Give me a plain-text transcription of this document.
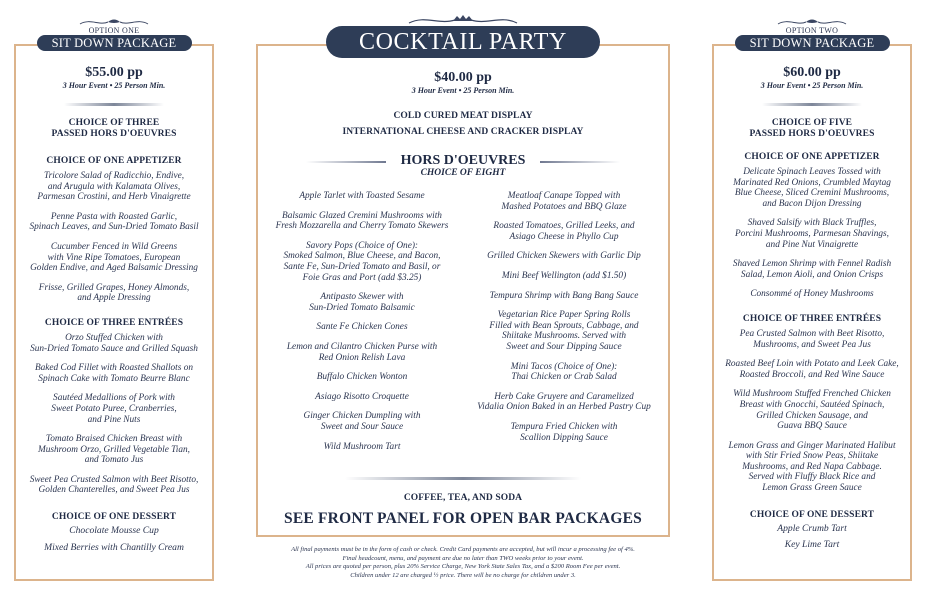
OPTION ONE
SIT DOWN PACKAGE
$55.00 pp
3 Hour Event • 25 Person Min.
CHOICE OF THREE
PASSED HORS D'OEUVRES
CHOICE OF ONE APPETIZER
Tricolore Salad of Radicchio, Endive,
and Arugula with Kalamata Olives,
Parmesan Crostini, and Herb Vinaigrette
Penne Pasta with Roasted Garlic,
Spinach Leaves, and Sun-Dried Tomato Basil
Cucumber Fenced in Wild Greens
with Vine Ripe Tomatoes, European
Golden Endive, and Aged Balsamic Dressing
Frisse, Grilled Grapes, Honey Almonds,
and Apple Dressing
CHOICE OF THREE ENTRÉES
Orzo Stuffed Chicken with
Sun-Dried Tomato Sauce and Grilled Squash
Baked Cod Fillet with Roasted Shallots on
Spinach Cake with Tomato Beurre Blanc
Sautéed Medallions of Pork with
Sweet Potato Puree, Cranberries,
and Pine Nuts
Tomato Braised Chicken Breast with
Mushroom Orzo, Grilled Vegetable Tian,
and Tomato Jus
Sweet Pea Crusted Salmon with Beet Risotto,
Golden Chanterelles, and Sweet Pea Jus
CHOICE OF ONE DESSERT
Chocolate Mousse Cup
Mixed Berries with Chantilly Cream
COCKTAIL PARTY
$40.00 pp
3 Hour Event • 25 Person Min.
COLD CURED MEAT DISPLAY
INTERNATIONAL CHEESE AND CRACKER DISPLAY
HORS D'OEUVRES
CHOICE OF EIGHT
Apple Tarlet with Toasted Sesame
Balsamic Glazed Cremini Mushrooms with
Fresh Mozzarella and Cherry Tomato Skewers
Savory Pops (Choice of One):
Smoked Salmon, Blue Cheese, and Bacon,
Sante Fe, Sun-Dried Tomato and Basil, or
Foie Gras and Port (add $3.25)
Antipasto Skewer with
Sun-Dried Tomato Balsamic
Sante Fe Chicken Cones
Lemon and Cilantro Chicken Purse with
Red Onion Relish Lava
Buffalo Chicken Wonton
Asiago Risotto Croquette
Ginger Chicken Dumpling with
Sweet and Sour Sauce
Wild Mushroom Tart
Meatloaf Canape Topped with
Mashed Potatoes and BBQ Glaze
Roasted Tomatoes, Grilled Leeks, and
Asiago Cheese in Phyllo Cup
Grilled Chicken Skewers with Garlic Dip
Mini Beef Wellington (add $1.50)
Tempura Shrimp with Bang Bang Sauce
Vegetarian Rice Paper Spring Rolls
Filled with Bean Sprouts, Cabbage, and
Shiitake Mushrooms. Served with
Sweet and Sour Dipping Sauce
Mini Tacos (Choice of One):
Thai Chicken or Crab Salad
Herb Cake Gruyere and Caramelized
Vidalia Onion Baked in an Herbed Pastry Cup
Tempura Fried Chicken with
Scallion Dipping Sauce
COFFEE, TEA, AND SODA
SEE FRONT PANEL FOR OPEN BAR PACKAGES
All final payments must be in the form of cash or check. Credit Card payments are accepted, but will incur a processing fee of 4%.
Final headcount, menu, and payment are due no later than TWO weeks prior to your event.
All prices are quoted per person, plus 20% Service Charge, New York State Sales Tax, and a $200 Room Fee per event.
Children under 12 are charged ½ price. There will be no charge for children under 3.
OPTION TWO
SIT DOWN PACKAGE
$60.00 pp
3 Hour Event • 25 Person Min.
CHOICE OF FIVE
PASSED HORS D'OEUVRES
CHOICE OF ONE APPETIZER
Delicate Spinach Leaves Tossed with
Marinated Red Onions, Crumbled Maytag
Blue Cheese, Sliced Cremini Mushrooms,
and Bacon Dijon Dressing
Shaved Salsify with Black Truffles,
Porcini Mushrooms, Parmesan Shavings,
and Pine Nut Vinaigrette
Shaved Lemon Shrimp with Fennel Radish
Salad, Lemon Aioli, and Onion Crisps
Consommé of Honey Mushrooms
CHOICE OF THREE ENTRÉES
Pea Crusted Salmon with Beet Risotto,
Mushrooms, and Sweet Pea Jus
Roasted Beef Loin with Potato and Leek Cake,
Roasted Broccoli, and Red Wine Sauce
Wild Mushroom Stuffed Frenched Chicken
Breast with Gnocchi, Sautéed Spinach,
Grilled Chicken Sausage, and
Guava BBQ Sauce
Lemon Grass and Ginger Marinated Halibut
with Stir Fried Snow Peas, Shiitake
Mushrooms, and Red Napa Cabbage.
Served with Fluffy Black Rice and
Lemon Grass Green Sauce
CHOICE OF ONE DESSERT
Apple Crumb Tart
Key Lime Tart
